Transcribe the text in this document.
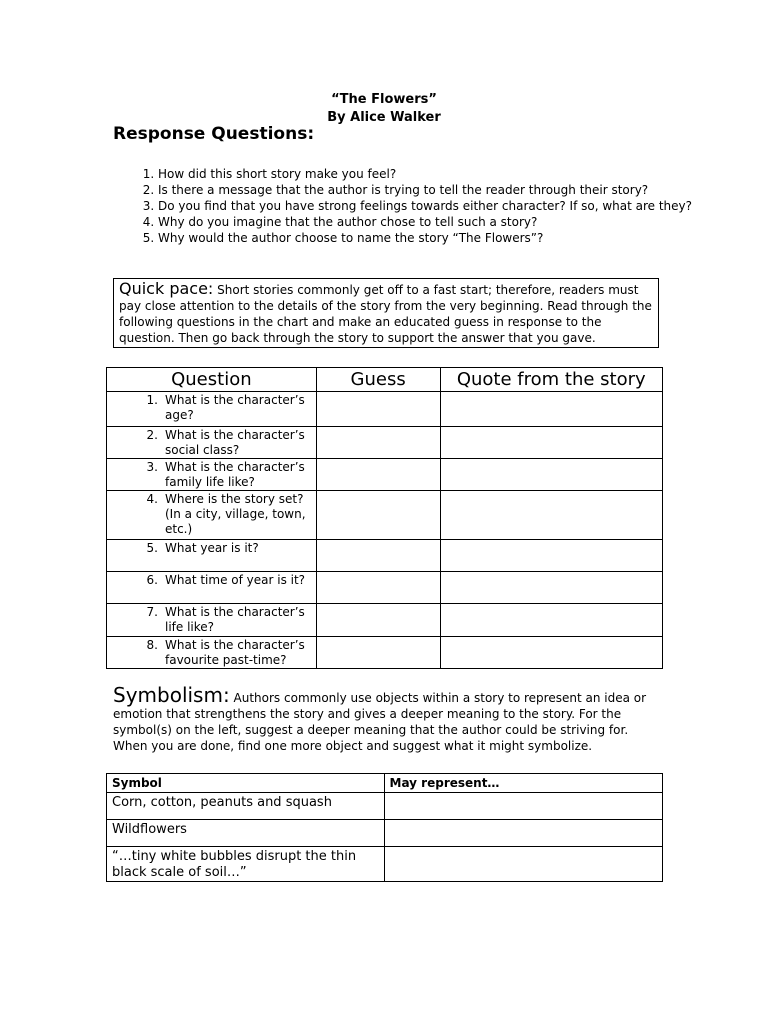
“The Flowers”
By Alice Walker
Response Questions:
1. How did this short story make you feel?
2. Is there a message that the author is trying to tell the reader through their story?
3. Do you find that you have strong feelings towards either character? If so, what are they?
4. Why do you imagine that the author chose to tell such a story?
5. Why would the author choose to name the story “The Flowers”?
Quick pace: Short stories commonly get off to a fast start; therefore, readers must pay close attention to the details of the story from the very beginning. Read through the following questions in the chart and make an educated guess in response to the question. Then go back through the story to support the answer that you gave.
Question	Guess	Quote from the story

1. What is the character’s age?		

2. What is the character’s social class?		

3. What is the character’s family life like?		

4. Where is the story set? (In a city, village, town, etc.)		

5. What year is it?		

6. What time of year is it?		

7. What is the character’s life like?		

8. What is the character’s favourite past-time?		

Symbolism: Authors commonly use objects within a story to represent an idea or emotion that strengthens the story and gives a deeper meaning to the story. For the symbol(s) on the left, suggest a deeper meaning that the author could be striving for. When you are done, find one more object and suggest what it might symbolize.
Symbol	May represent…
Corn, cotton, peanuts and squash	
Wildflowers	
“…tiny white bubbles disrupt the thin black scale of soil…”	
